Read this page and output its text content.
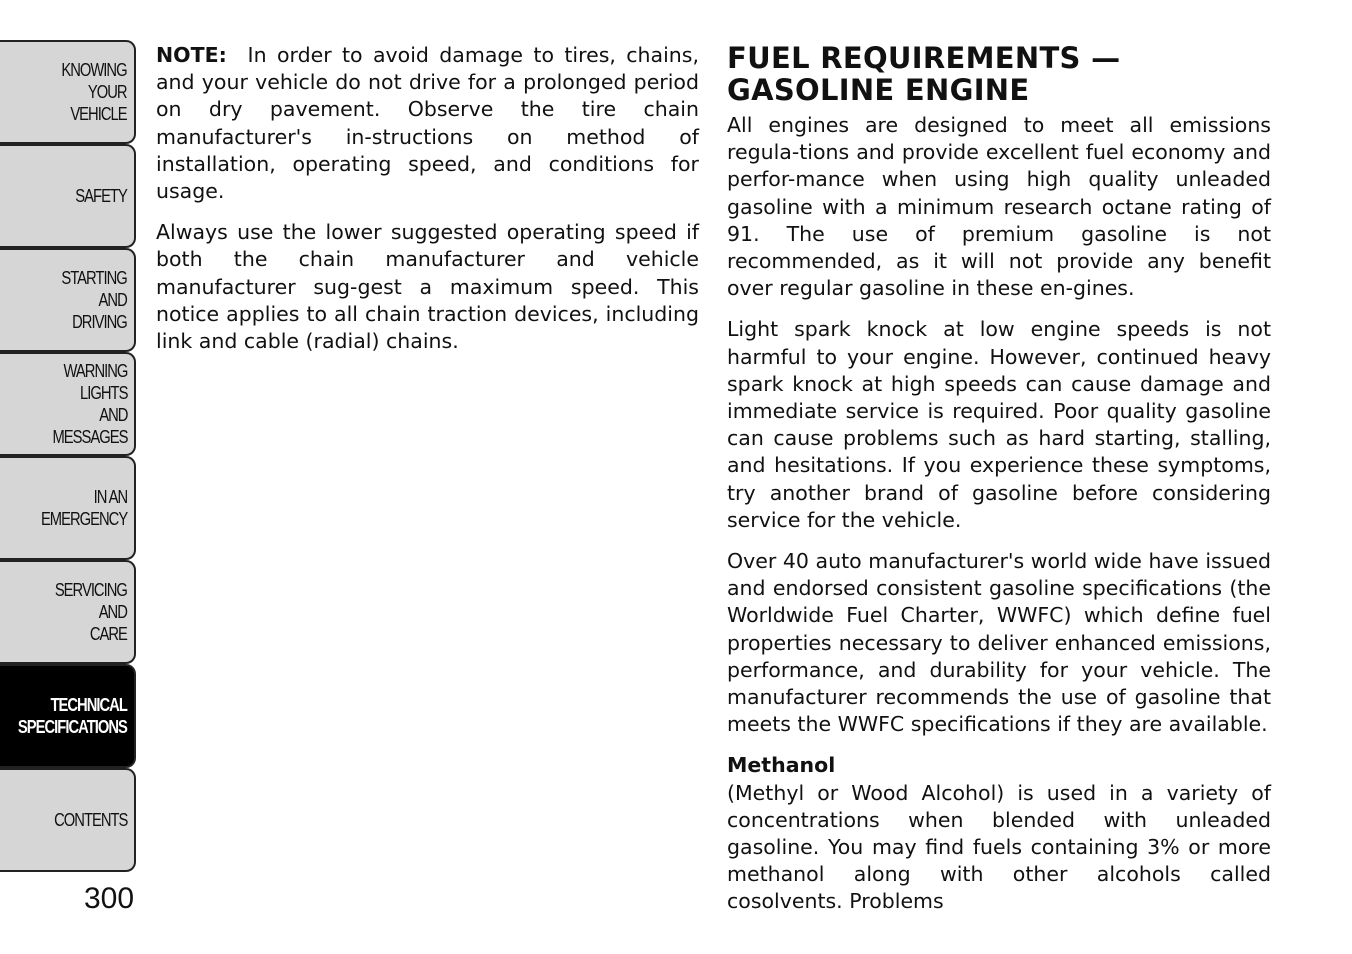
KNOWING
YOUR
VEHICLE
SAFETY
STARTING
AND
DRIVING
WARNING
LIGHTS
AND
MESSAGES
IN AN
EMERGENCY
SERVICING
AND
CARE
TECHNICAL
SPECIFICATIONS
CONTENTS
300

NOTE: In order to avoid damage to tires, chains, and your vehicle do not drive for a prolonged period on dry pavement. Observe the tire chain manufacturer's in-structions on method of installation, operating speed, and conditions for usage.

Always use the lower suggested operating speed if both the chain manufacturer and vehicle manufacturer sug-gest a maximum speed. This notice applies to all chain traction devices, including link and cable (radial) chains.

FUEL REQUIREMENTS — GASOLINE ENGINE

All engines are designed to meet all emissions regula-tions and provide excellent fuel economy and perfor-mance when using high quality unleaded gasoline with a minimum research octane rating of 91. The use of premium gasoline is not recommended, as it will not provide any benefit over regular gasoline in these en-gines.

Light spark knock at low engine speeds is not harmful to your engine. However, continued heavy spark knock at high speeds can cause damage and immediate service is required. Poor quality gasoline can cause problems such as hard starting, stalling, and hesitations. If you experience these symptoms, try another brand of gasoline before considering service for the vehicle.

Over 40 auto manufacturer's world wide have issued and endorsed consistent gasoline specifications (the Worldwide Fuel Charter, WWFC) which define fuel properties necessary to deliver enhanced emissions, performance, and durability for your vehicle. The manufacturer recommends the use of gasoline that meets the WWFC specifications if they are available.

Methanol
(Methyl or Wood Alcohol) is used in a variety of concentrations when blended with unleaded gasoline. You may find fuels containing 3% or more methanol along with other alcohols called cosolvents. Problems
